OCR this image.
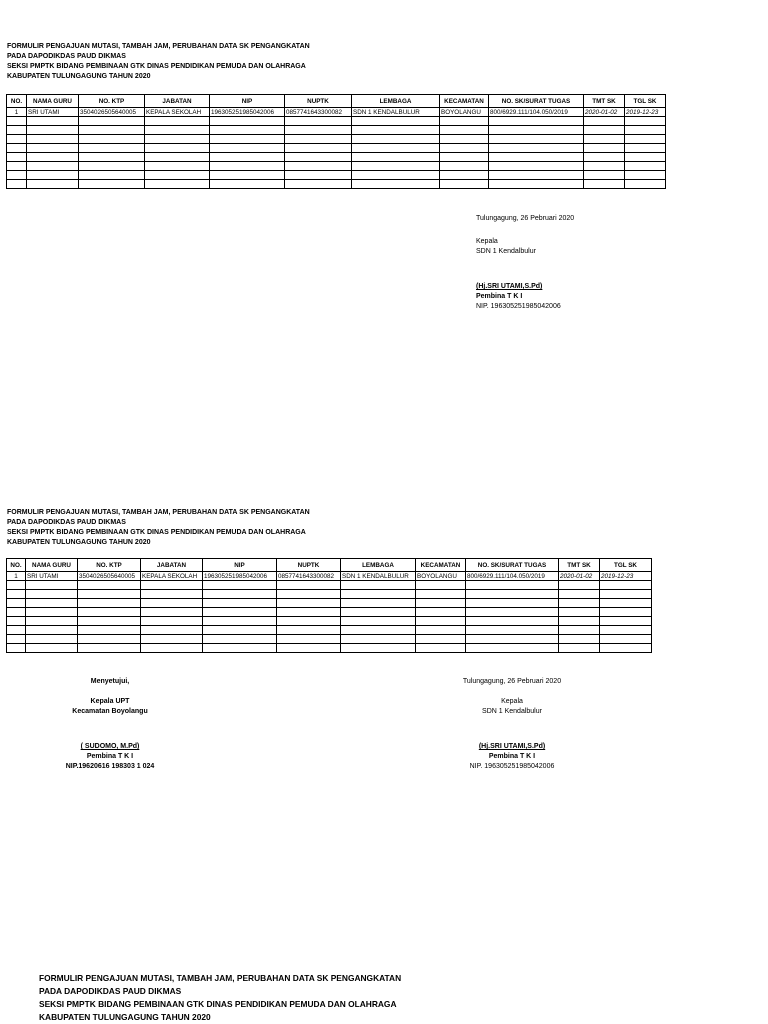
FORMULIR PENGAJUAN MUTASI, TAMBAH JAM, PERUBAHAN DATA SK PENGANGKATAN
PADA DAPODIKDAS PAUD DIKMAS
SEKSI PMPTK BIDANG PEMBINAAN GTK DINAS PENDIDIKAN PEMUDA DAN OLAHRAGA
KABUPATEN TULUNGAGUNG TAHUN 2020
NO.	NAMA GURU	NO. KTP	JABATAN	NIP	NUPTK	LEMBAGA	KECAMATAN	NO. SK/SURAT TUGAS	TMT SK	TGL SK
1	SRI UTAMI	3504026505640005	KEPALA SEKOLAH	196305251985042006	0857741643300082	SDN 1 KENDALBULUR	BOYOLANGU	800/6929.111/104.050/2019	2020-01-02	2019-12-23

Tulungagung, 26 Pebruari 2020
Kepala
SDN 1 Kendalbulur
(Hj.SRI UTAMI,S.Pd)
Pembina T K I
NIP. 196305251985042006
FORMULIR PENGAJUAN MUTASI, TAMBAH JAM, PERUBAHAN DATA SK PENGANGKATAN
PADA DAPODIKDAS PAUD DIKMAS
SEKSI PMPTK BIDANG PEMBINAAN GTK DINAS PENDIDIKAN PEMUDA DAN OLAHRAGA
KABUPATEN TULUNGAGUNG TAHUN 2020
NO.	NAMA GURU	NO. KTP	JABATAN	NIP	NUPTK	LEMBAGA	KECAMATAN	NO. SK/SURAT TUGAS	TMT SK	TGL SK
1	SRI UTAMI	3504026505640005	KEPALA SEKOLAH	196305251985042006	0857741643300082	SDN 1 KENDALBULUR	BOYOLANGU	800/6929.111/104.050/2019	2020-01-02	2019-12-23

Menyetujui,
Kepala UPT
Kecamatan Boyolangu
( SUDOMO, M.Pd)
Pembina T K I
NIP.19620616 198303 1 024
Tulungagung, 26 Pebruari 2020
Kepala
SDN 1 Kendalbulur
(Hj.SRI UTAMI,S.Pd)
Pembina T K I
NIP. 196305251985042006
FORMULIR PENGAJUAN MUTASI, TAMBAH JAM, PERUBAHAN DATA SK PENGANGKATAN
PADA DAPODIKDAS PAUD DIKMAS
SEKSI PMPTK BIDANG PEMBINAAN GTK DINAS PENDIDIKAN PEMUDA DAN OLAHRAGA
KABUPATEN TULUNGAGUNG TAHUN 2020
